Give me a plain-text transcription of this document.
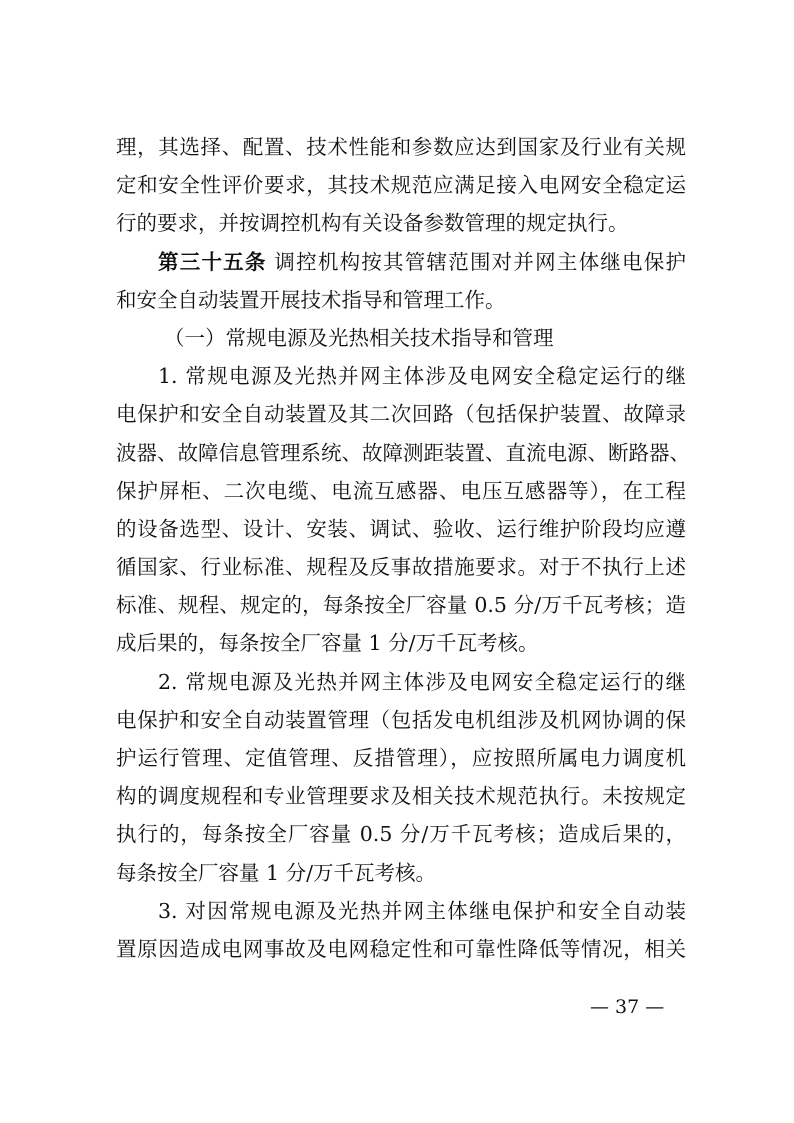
理，其选择、配置、技术性能和参数应达到国家及行业有关规
定和安全性评价要求，其技术规范应满足接入电网安全稳定运
行的要求，并按调控机构有关设备参数管理的规定执行。
第三十五条 调控机构按其管辖范围对并网主体继电保护
和安全自动装置开展技术指导和管理工作。
（一）常规电源及光热相关技术指导和管理
1. 常规电源及光热并网主体涉及电网安全稳定运行的继
电保护和安全自动装置及其二次回路（包括保护装置、故障录
波器、故障信息管理系统、故障测距装置、直流电源、断路器、
保护屏柜、二次电缆、电流互感器、电压互感器等），在工程
的设备选型、设计、安装、调试、验收、运行维护阶段均应遵
循国家、行业标准、规程及反事故措施要求。对于不执行上述
标准、规程、规定的，每条按全厂容量 0.5 分/万千瓦考核；造
成后果的，每条按全厂容量 1 分/万千瓦考核。
2. 常规电源及光热并网主体涉及电网安全稳定运行的继
电保护和安全自动装置管理（包括发电机组涉及机网协调的保
护运行管理、定值管理、反措管理），应按照所属电力调度机
构的调度规程和专业管理要求及相关技术规范执行。未按规定
执行的，每条按全厂容量 0.5 分/万千瓦考核；造成后果的，
每条按全厂容量 1 分/万千瓦考核。
3. 对因常规电源及光热并网主体继电保护和安全自动装
置原因造成电网事故及电网稳定性和可靠性降低等情况，相关
— 37 —
